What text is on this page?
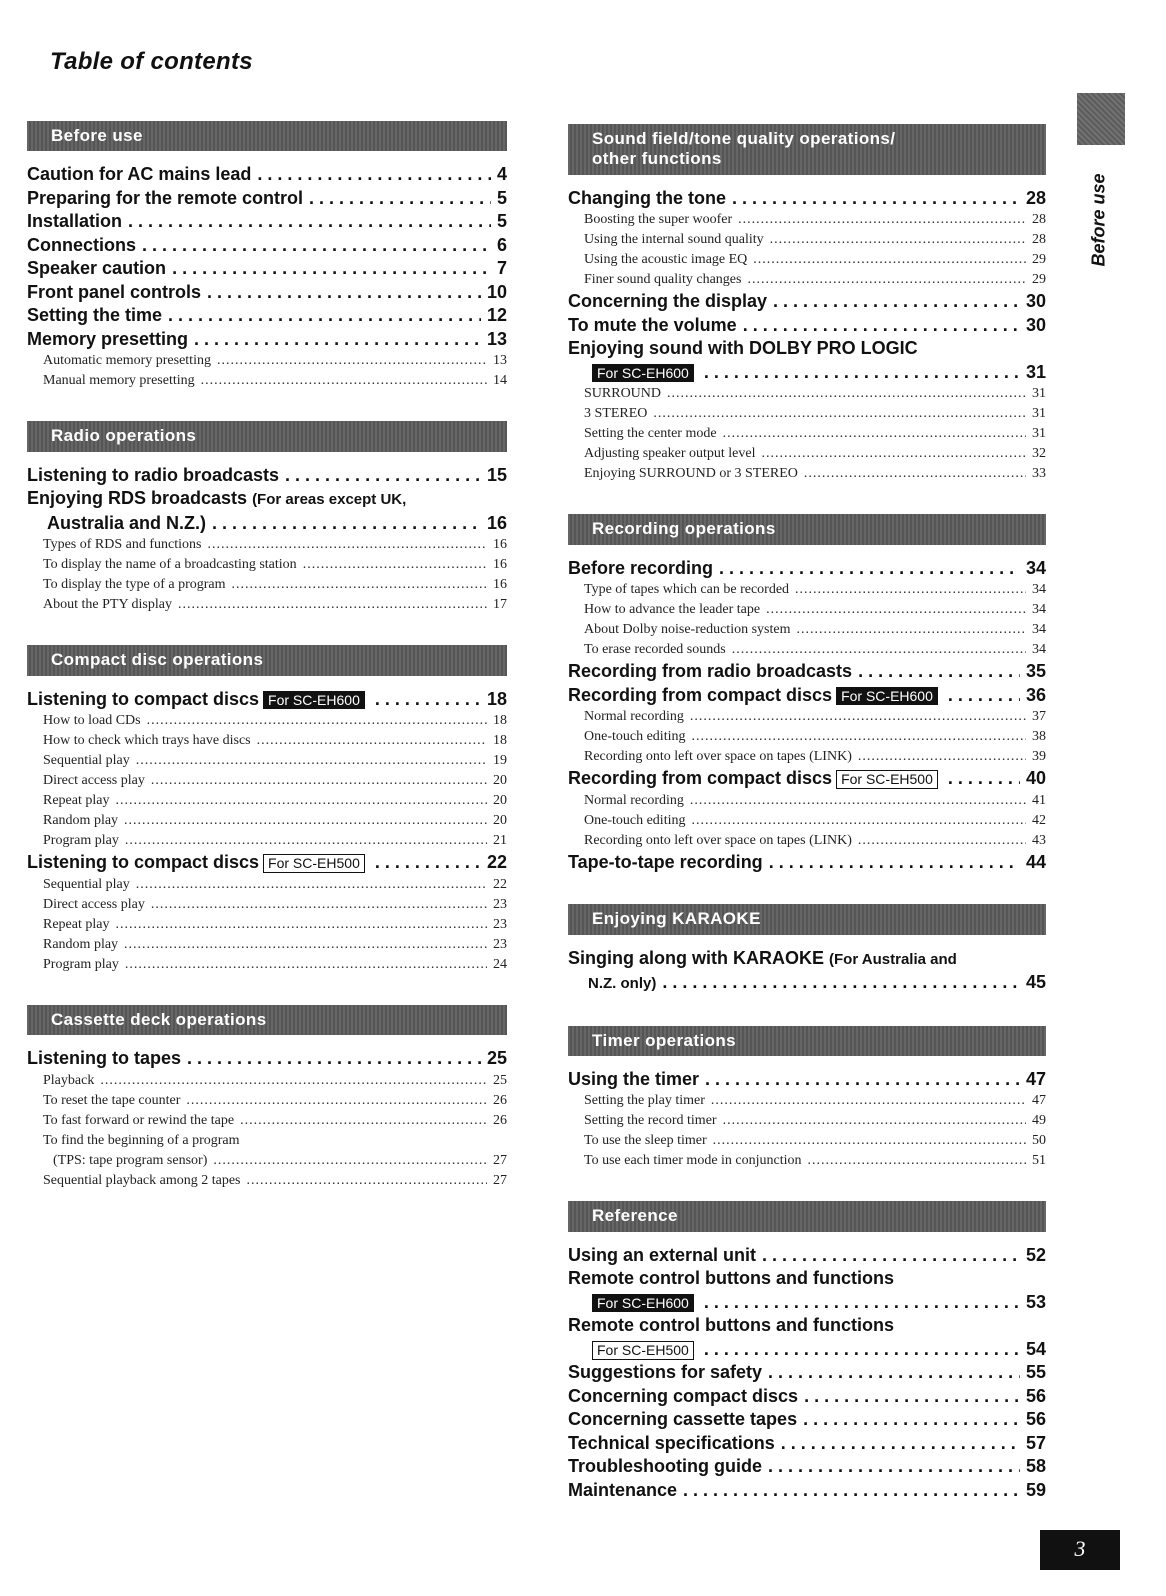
Table of contents
Before use
Before use
Caution for AC mains lead . . .	4
Preparing for the remote control . . .	5
Installation . . .	5
Connections . . .	6
Speaker caution . . .	7
Front panel controls . . .	10
Setting the time . . .	12
Memory presetting . . .	13
Automatic memory presetting .....	13
Manual memory presetting .....	14
Radio operations
Listening to radio broadcasts . . .	15
Enjoying RDS broadcasts
(For areas except UK,
Australia and N.Z.) . . .	16
Types of RDS and functions .....	16
To display the name of a broadcasting station .....	16
To display the type of a program .....	16
About the PTY display .....	17
Compact disc operations
Listening to compact discs For SC-EH600 . . .	18
How to load CDs .....	18
How to check which trays have discs .....	18
Sequential play .....	19
Direct access play .....	20
Repeat play .....	20
Random play .....	20
Program play .....	21
Listening to compact discs For SC-EH500 . . .	22
Sequential play .....	22
Direct access play .....	23
Repeat play .....	23
Random play .....	23
Program play .....	24
Cassette deck operations
Listening to tapes . . .	25
Playback .....	25
To reset the tape counter .....	26
To fast forward or rewind the tape .....	26
To find the beginning of a program
(TPS: tape program sensor) .....	27
Sequential playback among 2 tapes .....	27
Sound field/tone quality operations/
other functions
Changing the tone . . .	28
Boosting the super woofer .....	28
Using the internal sound quality .....	28
Using the acoustic image EQ .....	29
Finer sound quality changes .....	29
Concerning the display . . .	30
To mute the volume . . .	30
Enjoying sound with DOLBY PRO LOGIC
For SC-EH600 . . .	31
SURROUND .....	31
3 STEREO .....	31
Setting the center mode .....	31
Adjusting speaker output level .....	32
Enjoying SURROUND or 3 STEREO .....	33
Recording operations
Before recording . . .	34
Type of tapes which can be recorded .....	34
How to advance the leader tape .....	34
About Dolby noise-reduction system .....	34
To erase recorded sounds .....	34
Recording from radio broadcasts . . .	35
Recording from compact discs For SC-EH600 . . .	36
Normal recording .....	37
One-touch editing .....	38
Recording onto left over space on tapes (LINK) .....	39
Recording from compact discs For SC-EH500 . . .	40
Normal recording .....	41
One-touch editing .....	42
Recording onto left over space on tapes (LINK) .....	43
Tape-to-tape recording . . .	44
Enjoying KARAOKE
Singing along with KARAOKE
(For Australia and
N.Z. only) . . .	45
Timer operations
Using the timer . . .	47
Setting the play timer .....	47
Setting the record timer .....	49
To use the sleep timer .....	50
To use each timer mode in conjunction .....	51
Reference
Using an external unit . . .	52
Remote control buttons and functions
For SC-EH600 . . .	53
Remote control buttons and functions
For SC-EH500 . . .	54
Suggestions for safety . . .	55
Concerning compact discs . . .	56
Concerning cassette tapes . . .	56
Technical specifications . . .	57
Troubleshooting guide . . .	58
Maintenance . . .	59
3
